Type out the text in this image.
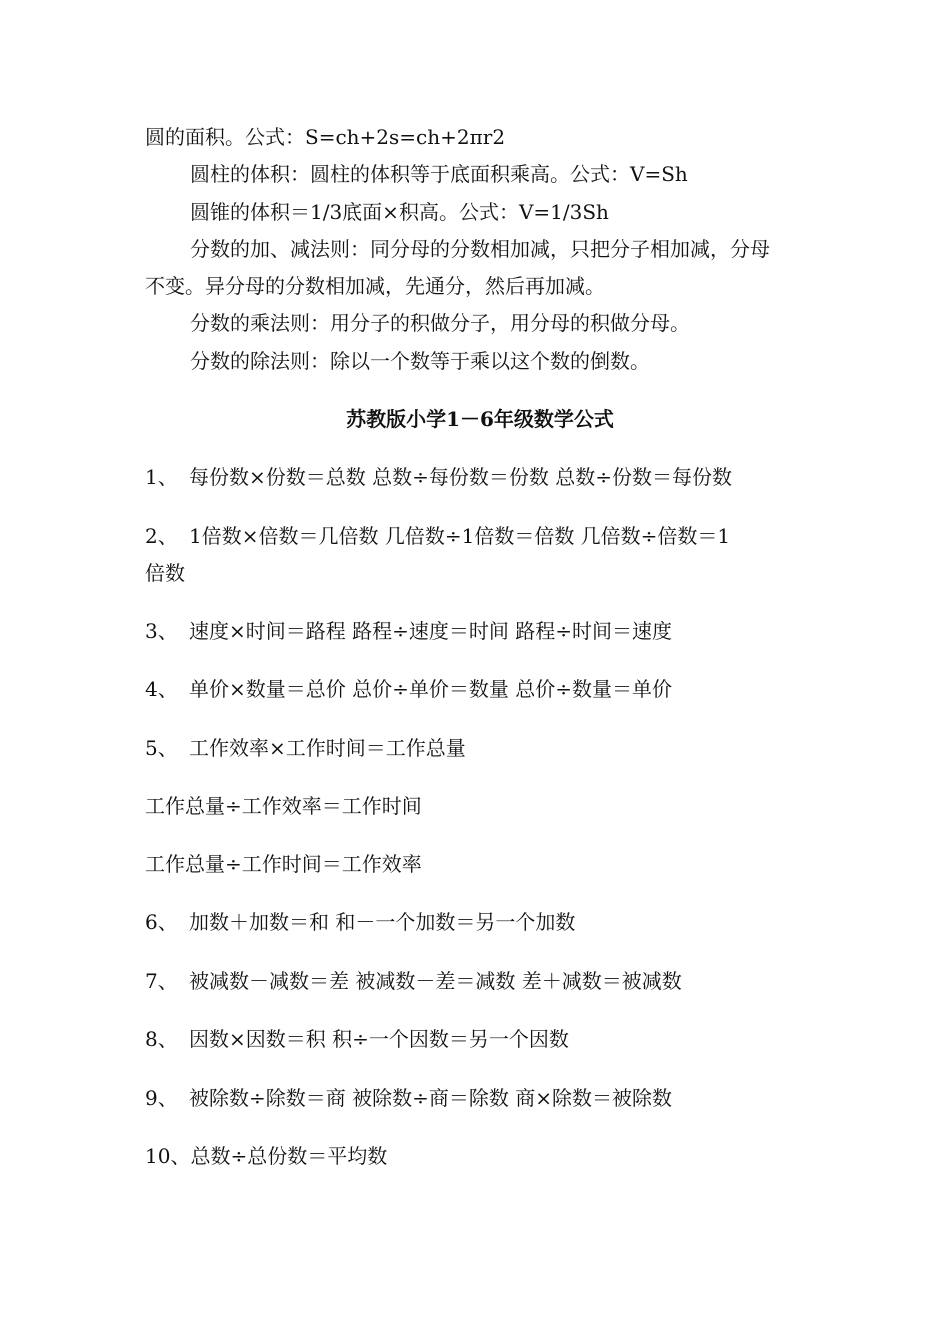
圆的面积。公式：S=ch+2s=ch+2πr2
圆柱的体积：圆柱的体积等于底面积乘高。公式：V=Sh
圆锥的体积＝1/3底面×积高。公式：V=1/3Sh
分数的加、减法则：同分母的分数相加减，只把分子相加减，分母
不变。异分母的分数相加减，先通分，然后再加减。
分数的乘法则：用分子的积做分子，用分母的积做分母。
分数的除法则：除以一个数等于乘以这个数的倒数。
苏教版小学1－6年级数学公式
1、 每份数×份数＝总数 总数÷每份数＝份数 总数÷份数＝每份数
2、 1倍数×倍数＝几倍数 几倍数÷1倍数＝倍数 几倍数÷倍数＝1
倍数
3、 速度×时间＝路程 路程÷速度＝时间 路程÷时间＝速度
4、 单价×数量＝总价 总价÷单价＝数量 总价÷数量＝单价
5、 工作效率×工作时间＝工作总量
工作总量÷工作效率＝工作时间
工作总量÷工作时间＝工作效率
6、 加数＋加数＝和 和－一个加数＝另一个加数
7、 被减数－减数＝差 被减数－差＝减数 差＋减数＝被减数
8、 因数×因数＝积 积÷一个因数＝另一个因数
9、 被除数÷除数＝商 被除数÷商＝除数 商×除数＝被除数
10、总数÷总份数＝平均数
